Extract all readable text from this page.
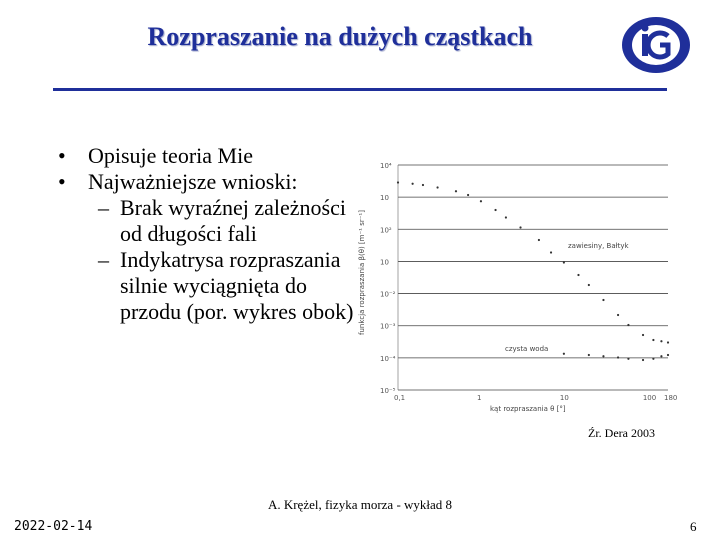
Rozpraszanie na dużych cząstkach
• Opisuje teoria Mie
• Najważniejsze wnioski:
– Brak wyraźnej zależności od długości fali
– Indykatrysa rozpraszania silnie wyciągnięta do przodu (por. wykres obok)
10⁴
10
10²
10
10⁻²
10⁻³
10⁻⁴
10⁻⁵
0,1	1	10	100 180
funkcja rozpraszania β(θ) [m⁻¹ sr⁻¹]
kąt rozpraszania θ [°]
zawiesiny, Bałtyk
czysta woda
Źr. Dera 2003
A. Krężel, fizyka morza - wykład 8
2022-02-14	6
